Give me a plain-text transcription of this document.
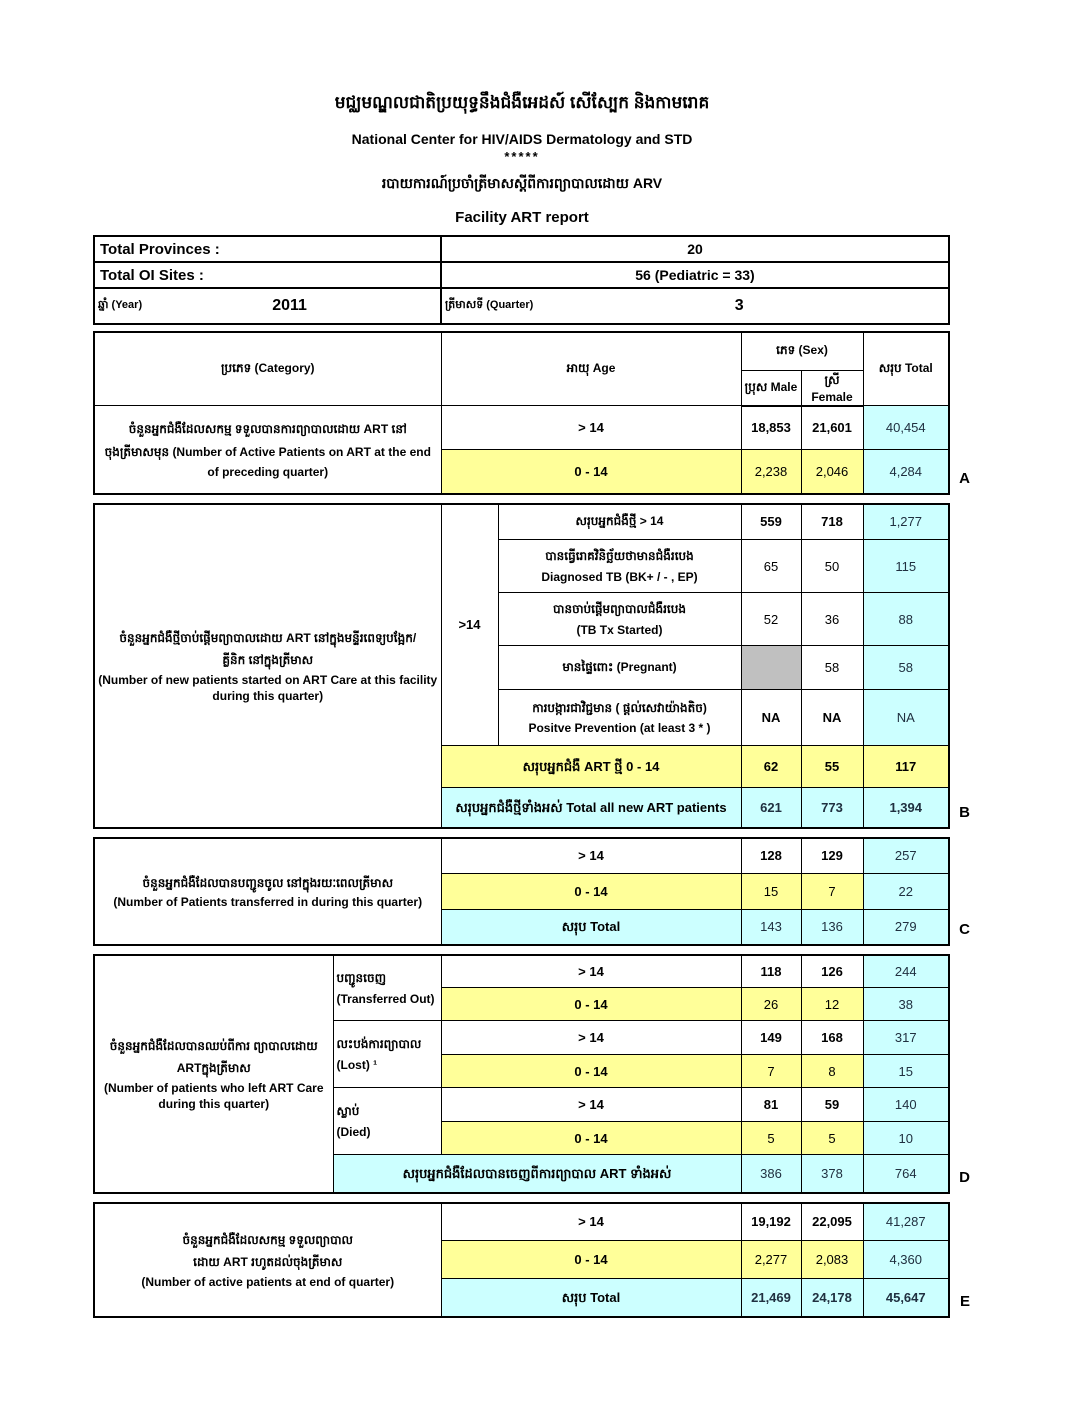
មជ្ឈមណ្ឌលជាតិប្រយុទ្ធនឹងជំងឺអេដស៍ សើស្បែក និងកាមរោគ
National Center for HIV/AIDS Dermatology and STD
*****
របាយការណ៍ប្រចាំត្រីមាសស្តីពីការព្យាបាលដោយ ARV
Facility ART report
Total Provinces :	20
Total OI Sites :	56 (Pediatric = 33)

ឆ្នាំ (Year) 2011	ត្រីមាសទី (Quarter) 3
ប្រភេទ (Category)	អាយុ Age	ភេទ (Sex)		សរុប Total
		ប្រុស Male	ស្រី Female	

ចំនួនអ្នកជំងឺដែលសកម្ម ទទួលបានការព្យាបាលដោយ ART នៅ
ចុងត្រីមាសមុន (Number of Active Patients on ART at the end of preceding quarter)	> 14	18,853	21,601	40,454
	0 - 14	2,238	2,046	4,284 A
ចំនួនអ្នកជំងឺថ្មីចាប់ផ្តើមព្យាបាលដោយ ART នៅក្នុងមន្ទីរពេទ្យបង្អែក/
គ្លីនិក នៅក្នុងត្រីមាស
(Number of new patients started on ART Care at this facility during this quarter)	>14	សរុបអ្នកជំងឺថ្មី > 14	559	718	1,277

		បានធ្វើរោគវិនិច្ឆ័យថាមានជំងឺរបេង
Diagnosed TB (BK+ / - , EP)	65	50	115

		បានចាប់ផ្តើមព្យាបាលជំងឺរបេង
(TB Tx Started)	52	36	88
		មានផ្ទៃពោះ (Pregnant)		58	58

		ការបង្ការជាវិជ្ជមាន ( ផ្តល់សេវាយ៉ាងតិច)
Positve Prevention (at least 3 * )	NA	NA	NA
	សរុបអ្នកជំងឺ ART ថ្មី 0 - 14		62	55	117
	សរុបអ្នកជំងឺថ្មីទាំងអស់ Total all new ART patients		621	773	1,394 B
ចំនួនអ្នកជំងឺដែលបានបញ្ជូនចូល នៅក្នុងរយៈពេលត្រីមាស
(Number of Patients transferred in during this quarter)	> 14	128	129	257
	0 - 14	15	7	22
	សរុប Total	143	136	279	C
ចំនួនអ្នកជំងឺដែលបានឈប់ពីការ ព្យាបាលដោយ
ARTក្នុងត្រីមាស
(Number of patients who left ART Care during this quarter)

បញ្ជូនចេញ
(Transferred Out)
	> 14	118	126	244
		0 - 14	26	12	38

	លះបង់ការព្យាបាល
(Lost) ¹	> 14	149	168	317
		0 - 14	7	8	15

	ស្លាប់
(Died)	> 14	81	59	140
		0 - 14	5	5	10
	សរុបអ្នកជំងឺដែលបានចេញពីការព្យាបាល ART ទាំងអស់		386	378	764	D
ចំនួនអ្នកជំងឺដែលសកម្ម ទទួលព្យាបាល
ដោយ ART រហូតដល់ចុងត្រីមាស
(Number of active patients at end of quarter)	> 14	19,192	22,095	41,287
	0 - 14	2,277	2,083	4,360
	សរុប Total	21,469	24,178	45,647 E
